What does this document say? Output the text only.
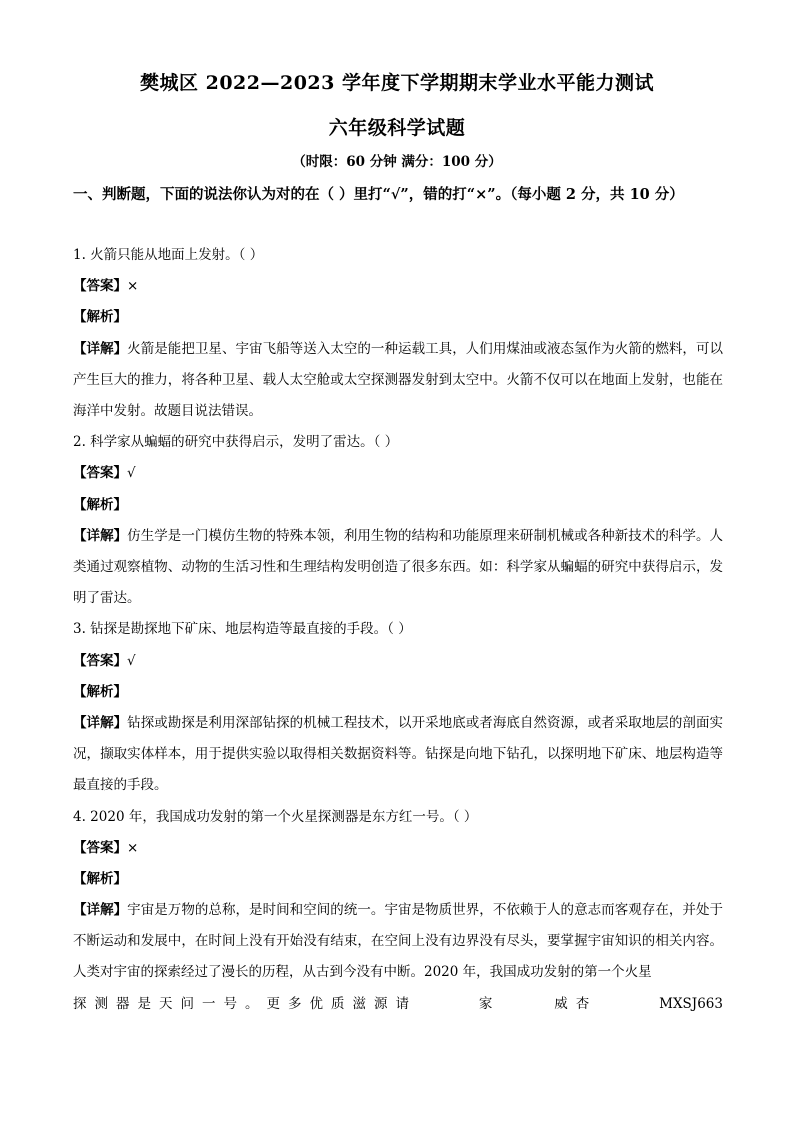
樊城区 2022—2023 学年度下学期期末学业水平能力测试
六年级科学试题
（时限：60 分钟 满分：100 分）
一、判断题，下面的说法你认为对的在（ ）里打“√”，错的打“×”。（每小题 2 分，共 10 分）
1. 火箭只能从地面上发射。（ ）
【答案】×
【解析】
【详解】火箭是能把卫星、宇宙飞船等送入太空的一种运载工具，人们用煤油或液态氢作为火箭的燃料，可以产生巨大的推力，将各种卫星、载人太空舱或太空探测器发射到太空中。火箭不仅可以在地面上发射，也能在海洋中发射。故题目说法错误。
2. 科学家从蝙蝠的研究中获得启示，发明了雷达。（ ）
【答案】√
【解析】
【详解】仿生学是一门模仿生物的特殊本领，利用生物的结构和功能原理来研制机械或各种新技术的科学。人类通过观察植物、动物的生活习性和生理结构发明创造了很多东西。如：科学家从蝙蝠的研究中获得启示，发明了雷达。
3. 钻探是勘探地下矿床、地层构造等最直接的手段。（ ）
【答案】√
【解析】
【详解】钻探或勘探是利用深部钻探的机械工程技术，以开采地底或者海底自然资源，或者采取地层的剖面实况，撷取实体样本，用于提供实验以取得相关数据资料等。钻探是向地下钻孔，以探明地下矿床、地层构造等最直接的手段。
4. 2020 年，我国成功发射的第一个火星探测器是东方红一号。（ ）
【答案】×
【解析】
【详解】宇宙是万物的总称，是时间和空间的统一。宇宙是物质世界，不依赖于人的意志而客观存在，并处于不断运动和发展中，在时间上没有开始没有结束，在空间上没有边界没有尽头，要掌握宇宙知识的相关内容。人类对宇宙的探索经过了漫长的历程，从古到今没有中断。2020 年，我国成功发射的第一个火星
探测器是天问一号。更多优质滋源请	家	威杏	MXSJ663
